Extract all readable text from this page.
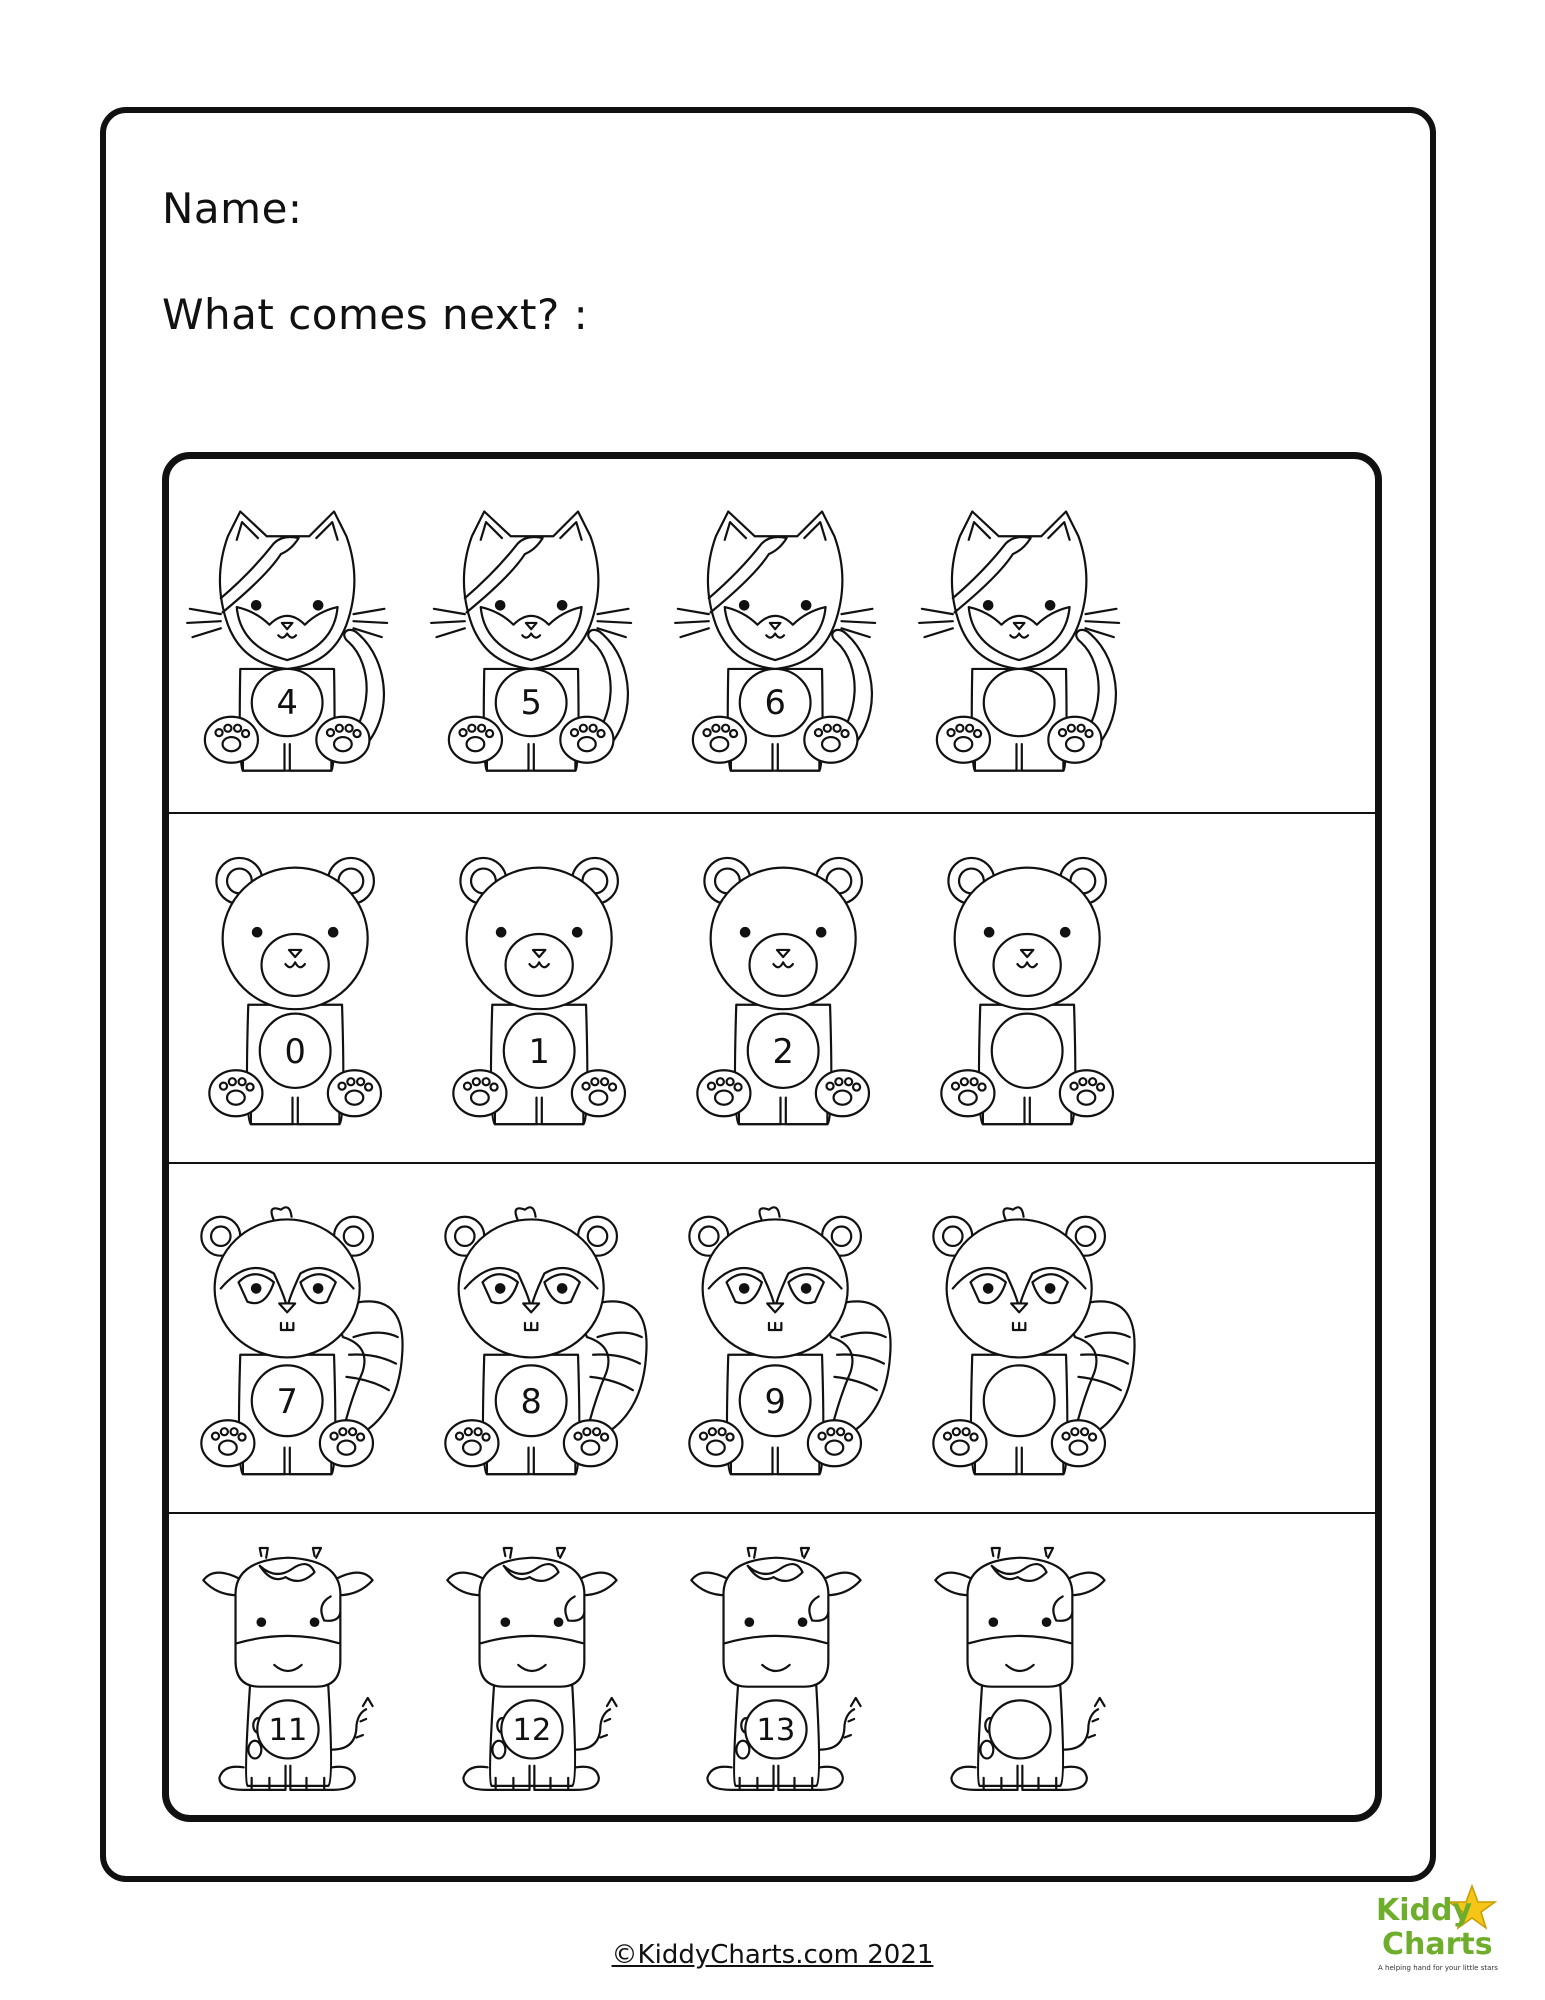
Name:
What comes next? :
4	5	6
0	1	2
7	8	9
11	12	13
©KiddyCharts.com 2021
Kiddy
Charts
A helping hand for your little stars
